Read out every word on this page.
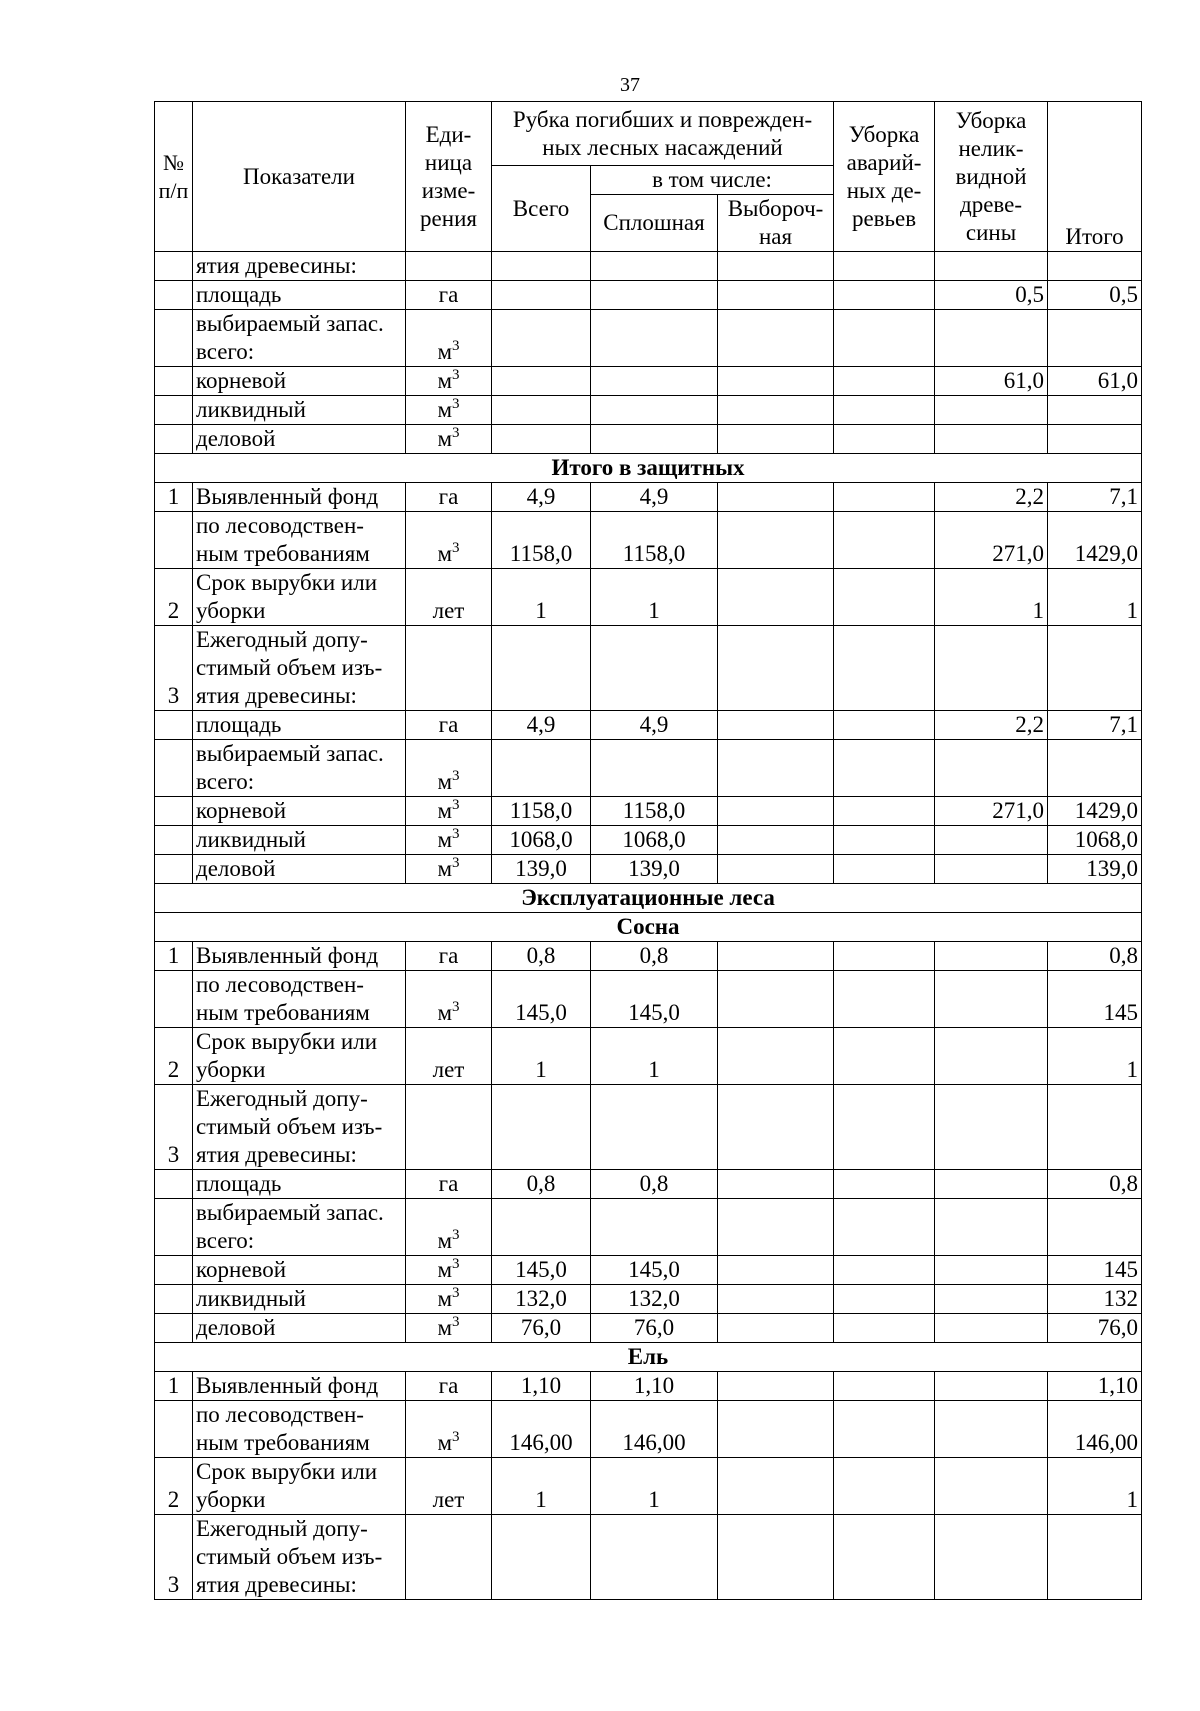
37
№ п/п	Показатели	Еди-ница изме-рения	Рубка погибших и поврежден-ных лесных насаждений			Уборка аварий-ных де-ревьев	Уборка нелик-видной древе-сины	Итого
			Всего	в том числе:				
				Сплошная	Выбороч-ная			

	ятия древесины:							
	площадь	га					0,5	0,5
	выбираемый запас. всего:	$м^3$						
	корневой	$м^3$					61,0	61,0
	ликвидный	$м^3$						
	деловой	$м^3$						
Итого в защитных								
1	Выявленный фонд	га	4,9	4,9			2,2	7,1
	по лесоводствен-ным требованиям	$м^3$	1158,0	1158,0			271,0	1429,0
2	Срок вырубки или уборки	лет	1	1			1	1
3	Ежегодный допу-стимый объем изъ-ятия древесины:							
	площадь	га	4,9	4,9			2,2	7,1
	выбираемый запас. всего:	$м^3$						
	корневой	$м^3$	1158,0	1158,0			271,0	1429,0
	ликвидный	$м^3$	1068,0	1068,0				1068,0
	деловой	$м^3$	139,0	139,0				139,0
Эксплуатационные леса								
Сосна								
1	Выявленный фонд	га	0,8	0,8				0,8
	по лесоводствен-ным требованиям	$м^3$	145,0	145,0				145
2	Срок вырубки или уборки	лет	1	1				1
3	Ежегодный допу-стимый объем изъ-ятия древесины:							
	площадь	га	0,8	0,8				0,8
	выбираемый запас. всего:	$м^3$						
	корневой	$м^3$	145,0	145,0				145
	ликвидный	$м^3$	132,0	132,0				132
	деловой	$м^3$	76,0	76,0				76,0
Ель								
1	Выявленный фонд	га	1,10	1,10				1,10
	по лесоводствен-ным требованиям	$м^3$	146,00	146,00				146,00
2	Срок вырубки или уборки	лет	1	1				1
3	Ежегодный допу-стимый объем изъ-ятия древесины:							
